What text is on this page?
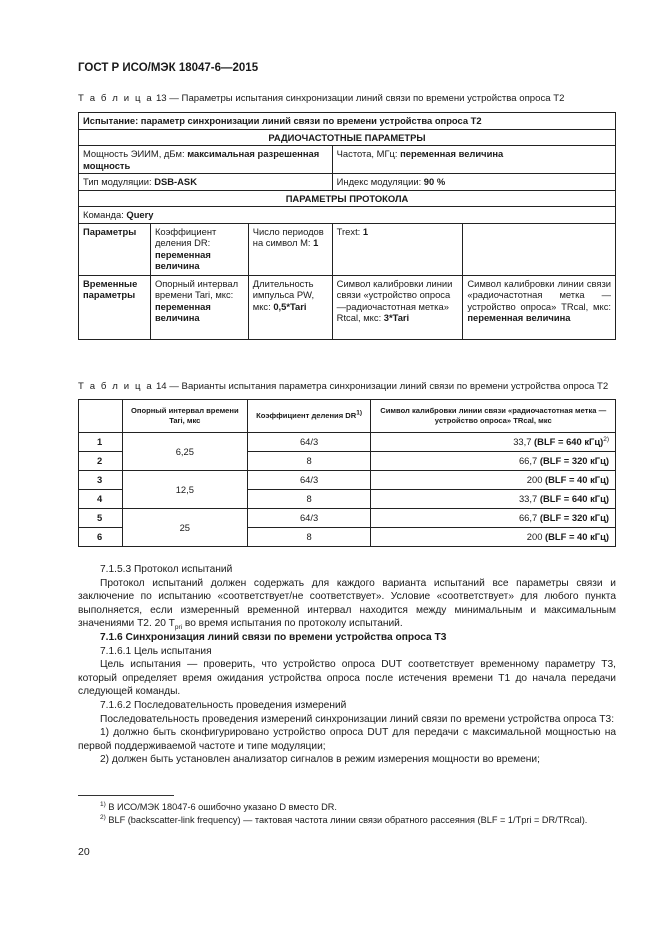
ГОСТ Р ИСО/МЭК 18047-6—2015
Т а б л и ц а 13 — Параметры испытания синхронизации линий связи по времени устройства опроса T2
Испытание: параметр синхронизации линий связи по времени устройства опроса Т2				
РАДИОЧАСТОТНЫЕ ПАРАМЕТРЫ				
Мощность ЭИИМ, дБм: максимальная разрешенная мощность			Частота, МГц: переменная величина	
Тип модуляции: DSB-ASK			Индекс модуляции: 90 %	
ПАРАМЕТРЫ ПРОТОКОЛА				
Команда: Query				
Параметры	Коэффициент деления DR: переменная величина	Число периодов на символ M: 1	Trext: 1	
Временные параметры	Опорный интервал времени Tari, мкс: переменная величина	Длительность импульса PW, мкс: 0,5*Tari	Символ калибровки линии связи «устройство опроса—радиочастотная метка» Rtcal, мкс: 3*Tari	Символ калибровки линии связи «радиочастотная метка — устройство опроса» TRcal, мкс: переменная величина
Т а б л и ц а 14 — Варианты испытания параметра синхронизации линий связи по времени устройства опроса T2
	Опорный интервал времени Tari, мкс	Коэффициент деления DR$^{1)}$	Символ калибровки линии связи «радиочастотная метка — устройство опроса» TRcal, мкс
1	6,25	64/3	33,7 (BLF = 640 кГц)$^{2)}$
2		8	66,7 (BLF = 320 кГц)
3	12,5	64/3	200 (BLF = 40 кГц)
4		8	33,7 (BLF = 640 кГц)
5	25	64/3	66,7 (BLF = 320 кГц)
6		8	200 (BLF = 40 кГц)

7.1.5.3 Протокол испытаний

Протокол испытаний должен содержать для каждого варианта испытаний все параметры связи и заключение по испытанию «соответствует/не соответствует». Условие «соответствует» для любого пункта выполняется, если измеренный временной интервал находится между минимальным и максимальным значениями T2. 20 $T_{pri}$ во время испытания по протоколу испытаний.

7.1.6 Синхронизация линий связи по времени устройства опроса Т3

7.1.6.1 Цель испытания

Цель испытания — проверить, что устройство опроса DUT соответствует временному параметру T3, который определяет время ожидания устройства опроса после истечения времени T1 до начала передачи следующей команды.

7.1.6.2 Последовательность проведения измерений

Последовательность проведения измерений синхронизации линий связи по времени устройства опроса T3:

1) должно быть сконфигурировано устройство опроса DUT для передачи с максимальной мощностью на первой поддерживаемой частоте и типе модуляции;

2) должен быть установлен анализатор сигналов в режим измерения мощности во времени;

$^{1)}$ В ИСО/МЭК 18047-6 ошибочно указано D вместо DR.

$^{2)}$ BLF (backscatter-link frequency) — тактовая частота линии связи обратного рассеяния (BLF = 1/Tpri = DR/TRcal).

20
